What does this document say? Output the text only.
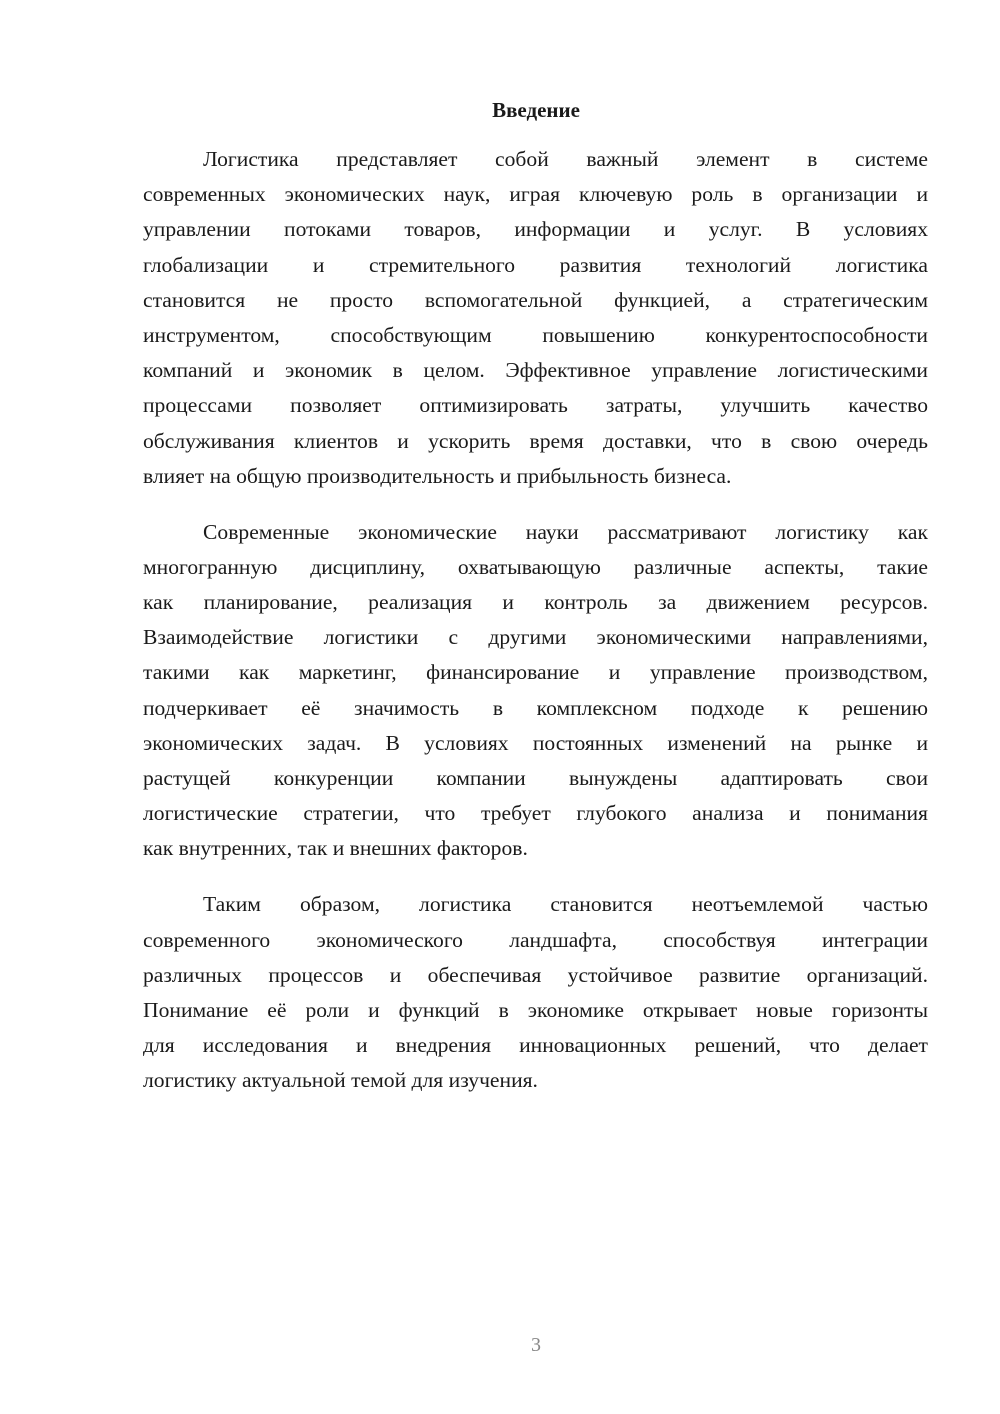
Введение
Логистика представляет собой важный элемент в системе
современных экономических наук, играя ключевую роль в организации и
управлении потоками товаров, информации и услуг. В условиях
глобализации и стремительного развития технологий логистика
становится не просто вспомогательной функцией, а стратегическим
инструментом, способствующим повышению конкурентоспособности
компаний и экономик в целом. Эффективное управление логистическими
процессами позволяет оптимизировать затраты, улучшить качество
обслуживания клиентов и ускорить время доставки, что в свою очередь
влияет на общую производительность и прибыльность бизнеса.
Современные экономические науки рассматривают логистику как
многогранную дисциплину, охватывающую различные аспекты, такие
как планирование, реализация и контроль за движением ресурсов.
Взаимодействие логистики с другими экономическими направлениями,
такими как маркетинг, финансирование и управление производством,
подчеркивает её значимость в комплексном подходе к решению
экономических задач. В условиях постоянных изменений на рынке и
растущей конкуренции компании вынуждены адаптировать свои
логистические стратегии, что требует глубокого анализа и понимания
как внутренних, так и внешних факторов.
Таким образом, логистика становится неотъемлемой частью
современного экономического ландшафта, способствуя интеграции
различных процессов и обеспечивая устойчивое развитие организаций.
Понимание её роли и функций в экономике открывает новые горизонты
для исследования и внедрения инновационных решений, что делает
логистику актуальной темой для изучения.
3
